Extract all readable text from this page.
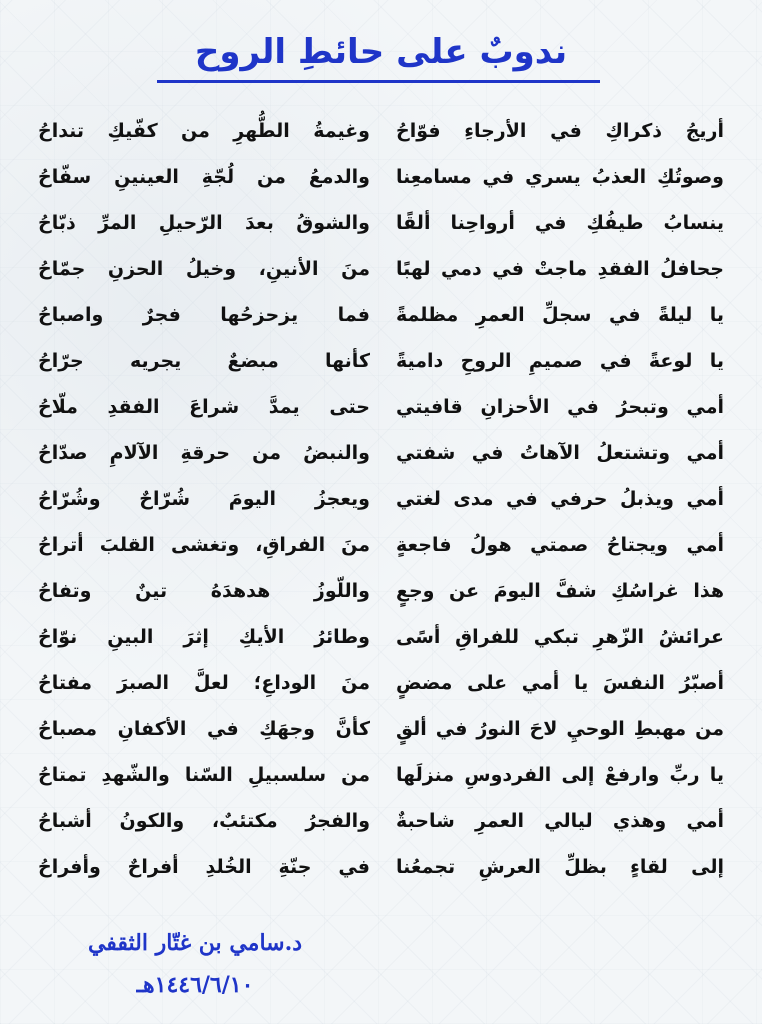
ندوبٌ على حائطِ الروح
أريجُ ذكراكِ في الأرجاءِ فوّاحُ
وغيمةُ الطُّهرِ من كفّيكِ تنداحُ
وصوتُكِ العذبُ يسري في مسامعِنا
والدمعُ من لُجّةِ العينينِ سفّاحُ
ينسابُ طيفُكِ في أرواحِنا ألقًا
والشوقُ بعدَ الرّحيلِ المرِّ ذبّاحُ
جحافلُ الفقدِ ماجتْ في دمي لهبًا
منَ الأنينِ، وخيلُ الحزنِ جمّاحُ
يا ليلةً في سجلِّ العمرِ مظلمةً
فما يزحزحُها فجرٌ واصباحُ
يا لوعةً في صميمِ الروحِ داميةً
كأنها مبضعٌ يجريه جرّاحُ
أمي وتبحرُ في الأحزانِ قافيتي
حتى يمدَّ شراعَ الفقدِ ملّاحُ
أمي وتشتعلُ الآهاتُ في شفتي
والنبضُ من حرقةِ الآلامِ صدّاحُ
أمي ويذبلُ حرفي في مدى لغتي
ويعجزُ اليومَ شُرّاحٌ وشُرّاحُ
أمي ويجتاحُ صمتي هولُ فاجعةٍ
منَ الفراقِ، وتغشى القلبَ أتراحُ
هذا غراسُكِ شفَّ اليومَ عن وجعٍ
واللّوزُ هدهدَهُ تينٌ وتفاحُ
عرائشُ الزّهرِ تبكي للفراقِ أسًى
وطائرُ الأيكِ إثرَ البينِ نوّاحُ
أصبّرُ النفسَ يا أمي على مضضٍ
منَ الوداعِ؛ لعلَّ الصبرَ مفتاحُ
من مهبطِ الوحيِ لاحَ النورُ في ألقٍ
كأنَّ وجهَكِ في الأكفانِ مصباحُ
يا ربِّ وارفعْ إلى الفردوسِ منزلَها
من سلسبيلِ السّنا والشّهدِ تمتاحُ
أمي وهذي ليالي العمرِ شاحبةٌ
والفجرُ مكتئبٌ، والكونُ أشباحُ
إلى لقاءٍ بظلِّ العرشِ تجمعُنا
في جنّةِ الخُلدِ أفراحٌ وأفراحُ
د.سامي بن غتّار الثقفي
١٤٤٦/٦/١٠هـ
